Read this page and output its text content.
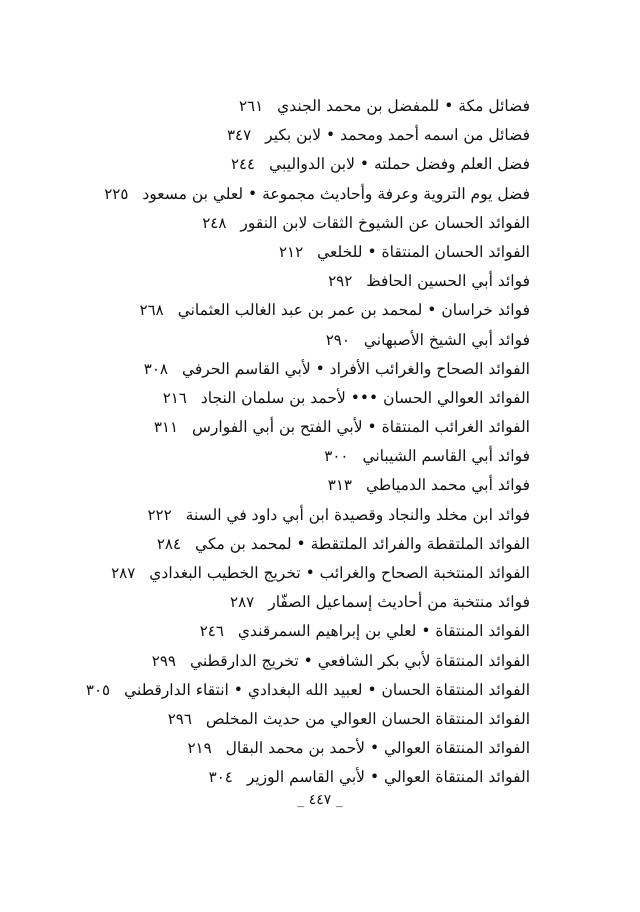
فضائل مكة • للمفضل بن محمد الجندي٢٦١
فضائل من اسمه أحمد ومحمد • لابن بكير٣٤٧
فضل العلم وفضل حملته • لابن الدواليبي٢٤٤
فضل يوم التروية وعرفة وأحاديث مجموعة • لعلي بن مسعود٢٢٥
الفوائد الحسان عن الشيوخ الثقات لابن النقور٢٤٨
الفوائد الحسان المنتقاة • للخلعي٢١٢
فوائد أبي الحسين الحافظ٢٩٢
فوائد خراسان • لمحمد بن عمر بن عبد الغالب العثماني٢٦٨
فوائد أبي الشيخ الأصبهاني٢٩٠
الفوائد الصحاح والغرائب الأفراد • لأبي القاسم الحرفي٣٠٨
الفوائد العوالي الحسان ••• لأحمد بن سلمان النجاد٢١٦
الفوائد الغرائب المنتقاة • لأبي الفتح بن أبي الفوارس٣١١
فوائد أبي القاسم الشيباني٣٠٠
فوائد أبي محمد الدمياطي٣١٣
فوائد ابن مخلد والنجاد وقصيدة ابن أبي داود في السنة٢٢٢
الفوائد الملتقطة والفرائد الملتقطة • لمحمد بن مكي٢٨٤
الفوائد المنتخبة الصحاح والغرائب • تخريج الخطيب البغدادي٢٨٧
فوائد منتخبة من أحاديث إسماعيل الصفّار٢٨٧
الفوائد المنتقاة • لعلي بن إبراهيم السمرقندي٢٤٦
الفوائد المنتقاة لأبي بكر الشافعي • تخريج الدارقطني٢٩٩
الفوائد المنتقاة الحسان • لعبيد الله البغدادي • انتقاء الدارقطني٣٠٥
الفوائد المنتقاة الحسان العوالي من حديث المخلص٢٩٦
الفوائد المنتقاة العوالي • لأحمد بن محمد البقال٢١٩
الفوائد المنتقاة العوالي • لأبي القاسم الوزير٣٠٤
_ ٤٤٧ _
